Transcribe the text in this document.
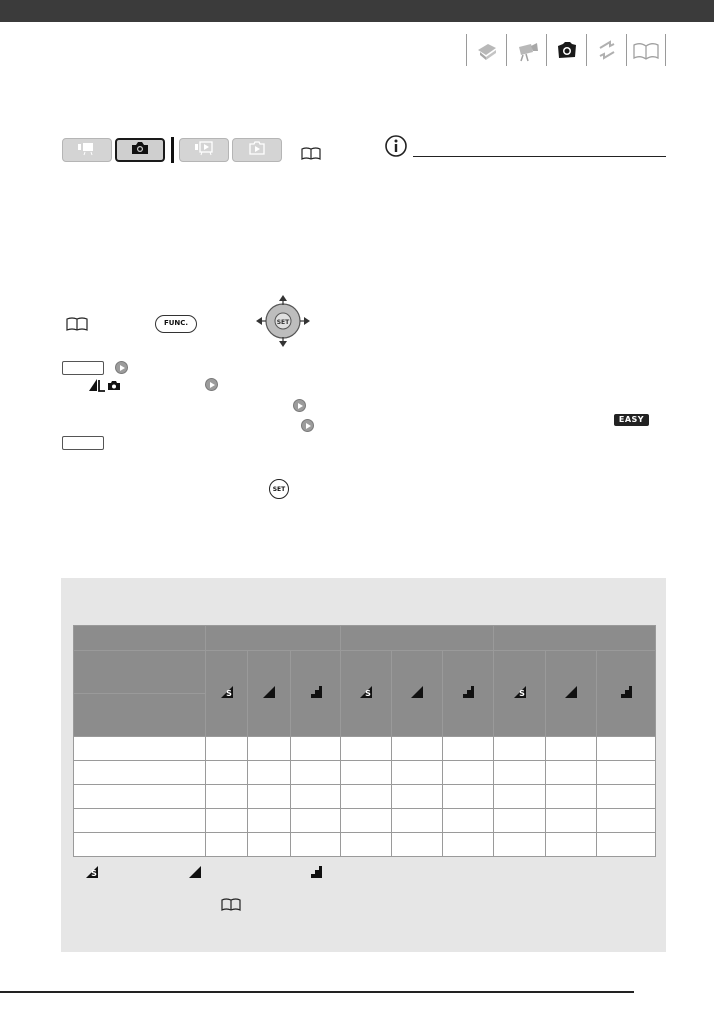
FUNC.	SET
SET
EASY

S			S			S

S
